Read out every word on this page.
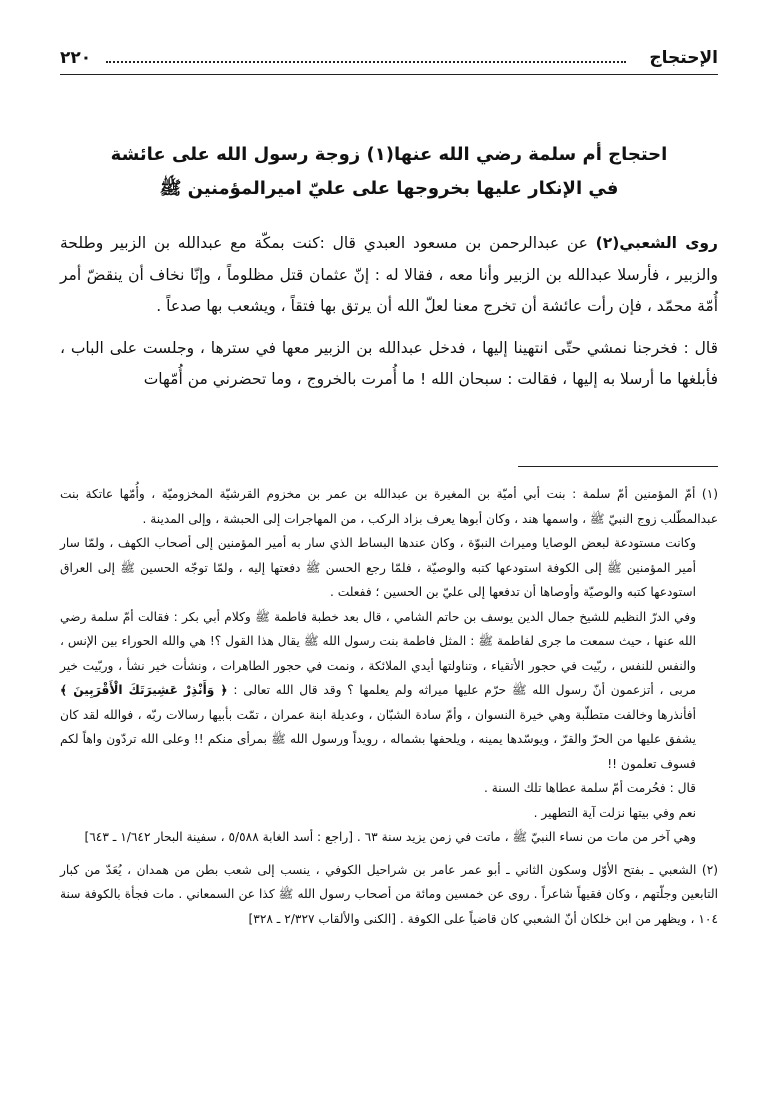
٢٢٠	الإحتجاج
احتجاج أم سلمة رضي الله عنها(١) زوجة رسول الله على عائشة
في الإنكار عليها بخروجها على عليّ اميرالمؤمنين ﷺ

روى الشعبي(٢) عن عبدالرحمن بن مسعود العبدي قال :كنت بمكّة مع عبدالله بن الزبير وطلحة والزبير ، فأرسلا عبدالله بن الزبير وأنا معه ، فقالا له : إنّ عثمان قتل مظلوماً ، وإنّا نخاف أن ينقضّ أمر أُمّة محمّد ، فإن رأت عائشة أن تخرج معنا لعلّ الله أن يرتق بها فتقاً ، ويشعب بها صدعاً .

قال : فخرجنا نمشي حتّى انتهينا إليها ، فدخل عبدالله بن الزبير معها في سترها ، وجلست على الباب ، فأبلغها ما أرسلا به إليها ، فقالت : سبحان الله ! ما أُمرت بالخروج ، وما تحضرني من أُمّهات

(١) أمّ المؤمنين أمّ سلمة : بنت أبي أميّة بن المغيرة بن عبدالله بن عمر بن مخزوم القرشيّة المخزوميّة ، وأُمّها عاتكة بنت عبدالمطّلب زوج النبيّ ﷺ ، واسمها هند ، وكان أبوها يعرف بزاد الركب ، من المهاجرات إلى الحبشة ، وإلى المدينة .

وكانت مستودعة لبعض الوصايا وميراث النبوّة ، وكان عندها البساط الذي سار به أمير المؤمنين إلى أصحاب الكهف ، ولمّا سار أمير المؤمنين ﷺ إلى الكوفة استودعها كتبه والوصيّة ، فلمّا رجع الحسن ﷺ دفعتها إليه ، ولمّا توجّه الحسين ﷺ إلى العراق استودعها كتبه والوصيّة وأوصاها أن تدفعها إلى عليّ بن الحسين ؛ ففعلت .

وفي الدرّ النظيم للشيخ جمال الدين يوسف بن حاتم الشامي ، قال بعد خطبة فاطمة ﷺ وكلام أبي بكر : فقالت أمّ سلمة رضي الله عنها ، حيث سمعت ما جرى لفاطمة ﷺ : المثل فاطمة بنت رسول الله ﷺ يقال هذا القول ؟! هي والله الحوراء بين الإنس ، والنفس للنفس ، ربّيت في حجور الأتقياء ، وتناولتها أيدي الملائكة ، ونمت في حجور الطاهرات ، ونشأت خير نشأ ، وربّيت خير مربى ، أتزعمون أنّ رسول الله ﷺ حرّم عليها ميراثه ولم يعلمها ؟ وقد قال الله تعالى : ﴿ وَأَنْذِرْ عَشِيرَتَكَ الْأَقْرَبِينَ ﴾ أفأنذرها وخالفت متطلّبة وهي خيرة النسوان ، وأمّ سادة الشبّان ، وعديلة ابنة عمران ، تمّت بأبيها رسالات ربّه ، فوالله لقد كان يشفق عليها من الحرّ والقرّ ، ويوسّدها يمينه ، ويلحفها بشماله ، رويداً ورسول الله ﷺ بمرأى منكم !! وعلى الله تردّون واهاً لكم فسوف تعلمون !!

قال : فحُرمت أمّ سلمة عطاها تلك السنة .

نعم وفي بيتها نزلت آية التطهير .

وهي آخر من مات من نساء النبيّ ﷺ ، ماتت في زمن يزيد سنة ٦٣ . [راجع : أسد الغابة ٥/٥٨٨ ، سفينة البحار ١/٦٤٢ ـ ٦٤٣]

(٢) الشعبي ـ بفتح الأوّل وسكون الثاني ـ أبو عمر عامر بن شراحيل الكوفي ، ينسب إلى شعب بطن من همدان ، يُعَدّ من كبار التابعين وجلّتهم ، وكان فقيهاً شاعراً . روى عن خمسين ومائة من أصحاب رسول الله ﷺ كذا عن السمعاني . مات فجأة بالكوفة سنة ١٠٤ ، ويظهر من ابن خلكان أنّ الشعبي كان قاضياً على الكوفة . [الكنى والألقاب ٢/٣٢٧ ـ ٣٢٨]
